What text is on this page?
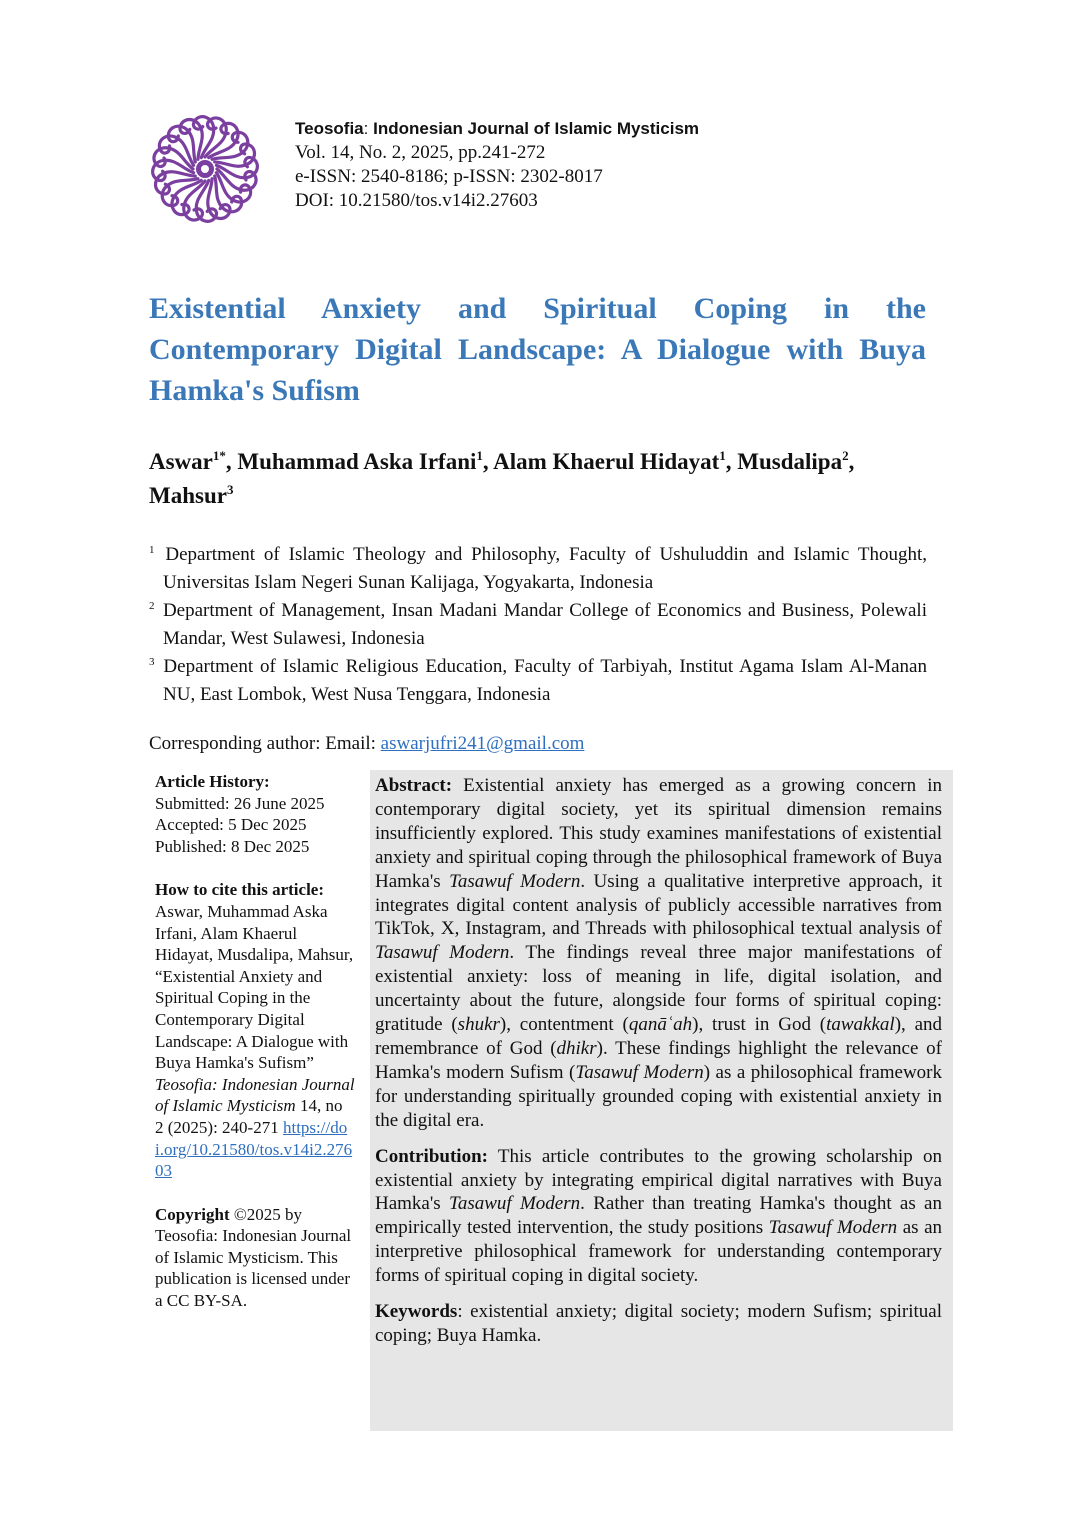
Teosofia: Indonesian Journal of Islamic Mysticism
Vol. 14, No. 2, 2025, pp.241-272
e-ISSN: 2540-8186; p-ISSN: 2302-8017
DOI: 10.21580/tos.v14i2.27603
Existential Anxiety and Spiritual Coping in the Contemporary Digital Landscape: A Dialogue with Buya Hamka's Sufism
Aswar$^{1*}$, Muhammad Aska Irfani$^1$, Alam Khaerul Hidayat$^1$, Musdalipa$^2$,
Mahsur$^3$
$^1$ Department of Islamic Theology and Philosophy, Faculty of Ushuluddin and Islamic Thought, Universitas Islam Negeri Sunan Kalijaga, Yogyakarta, Indonesia
$^2$ Department of Management, Insan Madani Mandar College of Economics and Business, Polewali Mandar, West Sulawesi, Indonesia
$^3$ Department of Islamic Religious Education, Faculty of Tarbiyah, Institut Agama Islam Al-Manan NU, East Lombok, West Nusa Tenggara, Indonesia
Corresponding author: Email: aswarjufri241@gmail.com
Article History:
Submitted: 26 June 2025
Accepted: 5 Dec 2025
Published: 8 Dec 2025
How to cite this article:
Aswar, Muhammad Aska Irfani, Alam Khaerul Hidayat, Musdalipa, Mahsur, “Existential Anxiety and Spiritual Coping in the Contemporary Digital Landscape: A Dialogue with Buya Hamka's Sufism” Teosofia: Indonesian Journal of Islamic Mysticism 14, no 2 (2025): 240-271 https://doi.org/10.21580/tos.v14i2.27603
Copyright ©2025 by Teosofia: Indonesian Journal of Islamic Mysticism. This publication is licensed under a CC BY-SA.

Abstract: Existential anxiety has emerged as a growing concern in contemporary digital society, yet its spiritual dimension remains insufficiently explored. This study examines manifestations of existential anxiety and spiritual coping through the philosophical framework of Buya Hamka's Tasawuf Modern. Using a qualitative interpretive approach, it integrates digital content analysis of publicly accessible narratives from TikTok, X, Instagram, and Threads with philosophical textual analysis of Tasawuf Modern. The findings reveal three major manifestations of existential anxiety: loss of meaning in life, digital isolation, and uncertainty about the future, alongside four forms of spiritual coping: gratitude (shukr), contentment (qanāʿah), trust in God (tawakkal), and remembrance of God (dhikr). These findings highlight the relevance of Hamka's modern Sufism (Tasawuf Modern) as a philosophical framework for understanding spiritually grounded coping with existential anxiety in the digital era.

Contribution: This article contributes to the growing scholarship on existential anxiety by integrating empirical digital narratives with Buya Hamka's Tasawuf Modern. Rather than treating Hamka's thought as an empirically tested intervention, the study positions Tasawuf Modern as an interpretive philosophical framework for understanding contemporary forms of spiritual coping in digital society.

Keywords: existential anxiety; digital society; modern Sufism; spiritual coping; Buya Hamka.
